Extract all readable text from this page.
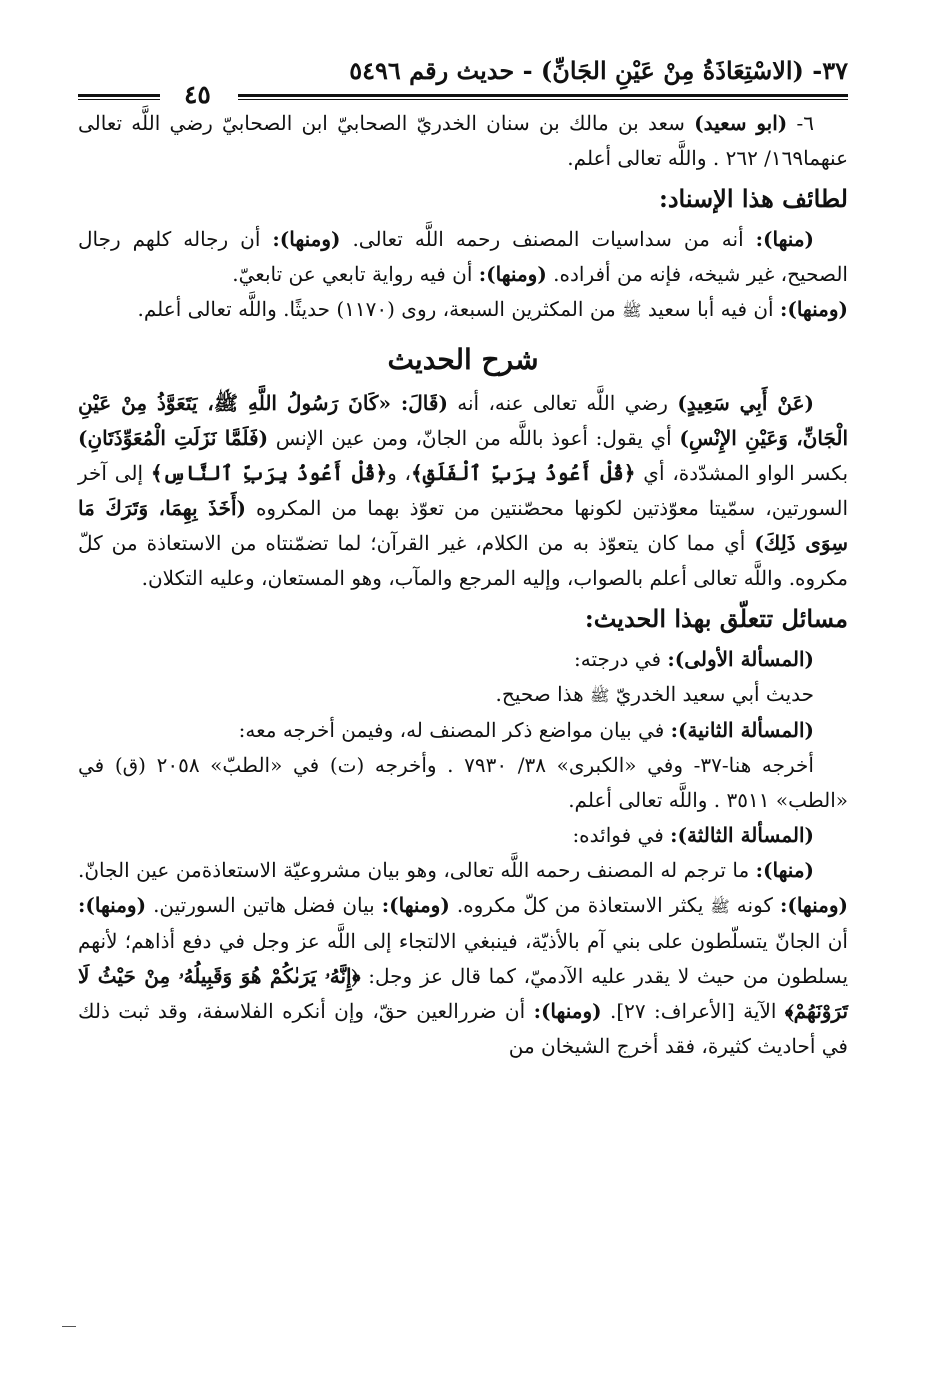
٣٧- (الاسْتِعَاذَةُ مِنْ عَيْنِ الجَانِّ) - حديث رقم ٥٤٩٦
٤٥

٦- (ابو سعيد) سعد بن مالك بن سنان الخدريّ الصحابيّ ابن الصحابيّ رضي اللَّه تعالى عنهما١٦٩/ ٢٦٢ . واللَّه تعالى أعلم.

لطائف هذا الإسناد:

(منها): أنه من سداسيات المصنف رحمه اللَّه تعالى. (ومنها): أن رجاله كلهم رجال الصحيح، غير شيخه، فإنه من أفراده. (ومنها): أن فيه رواية تابعي عن تابعيّ.

(ومنها): أن فيه أبا سعيد ﷺ من المكثرين السبعة، روى (١١٧٠) حديثًا. واللَّه تعالى أعلم.

شرح الحديث

(عَنْ أَبِي سَعِيدٍ) رضي اللَّه تعالى عنه، أنه (قَالَ: «كَانَ رَسُولُ اللَّهِ ﷺ، يَتَعَوَّذُ مِنْ عَيْنِ الْجَانِّ، وَعَيْنِ الإِنْسِ) أي يقول: أعوذ باللَّه من الجانّ، ومن عين الإنس (فَلَمَّا نَزَلَتِ الْمُعَوِّذَتَانِ) بكسر الواو المشدّدة، أي ﴿قُلْ أَعُوذُ بِرَبِّ ٱلْفَلَقِ﴾، و﴿قُلْ أَعُوذُ بِرَبِّ ٱلنَّاسِ﴾ إلى آخر السورتين، سمّيتا معوّذتين لكونها محصّنتين من تعوّذ بهما من المكروه (أَخَذَ بِهِمَا، وَتَرَكَ مَا سِوَى ذَلِكَ) أي مما كان يتعوّذ به من الكلام، غير القرآن؛ لما تضمّنتاه من الاستعاذة من كلّ مكروه. واللَّه تعالى أعلم بالصواب، وإليه المرجع والمآب، وهو المستعان، وعليه التكلان.

مسائل تتعلّق بهذا الحديث:

(المسألة الأولى): في درجته:

حديث أبي سعيد الخدريّ ﷺ هذا صحيح.

(المسألة الثانية): في بيان مواضع ذكر المصنف له، وفيمن أخرجه معه:

أخرجه هنا-٣٧- وفي «الكبرى» ٣٨/ ٧٩٣٠ . وأخرجه (ت) في «الطبّ» ٢٠٥٨ (ق) في «الطب» ٣٥١١ . واللَّه تعالى أعلم.

(المسألة الثالثة): في فوائده:

(منها): ما ترجم له المصنف رحمه اللَّه تعالى، وهو بيان مشروعيّة الاستعاذةمن عين الجانّ. (ومنها): كونه ﷺ يكثر الاستعاذة من كلّ مكروه. (ومنها): بيان فضل هاتين السورتين. (ومنها): أن الجانّ يتسلّطون على بني آم بالأذيّة، فينبغي الالتجاء إلى اللَّه عز وجل في دفع أذاهم؛ لأنهم يسلطون من حيث لا يقدر عليه الآدميّ، كما قال عز وجل: ﴿إِنَّهُۥ يَرَىٰكُمْ هُوَ وَقَبِيلُهُۥ مِنْ حَيْثُ لَا تَرَوْنَهُمْ﴾ الآية [الأعراف: ٢٧]. (ومنها): أن ضررالعين حقّ، وإن أنكره الفلاسفة، وقد ثبت ذلك في أحاديث كثيرة، فقد أخرج الشيخان من
